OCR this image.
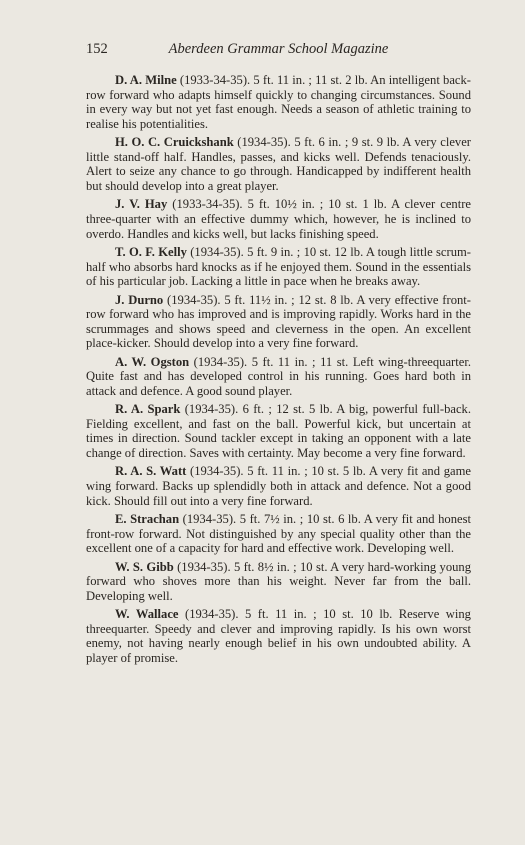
152	Aberdeen Grammar School Magazine

D. A. Milne (1933-34-35). 5 ft. 11 in. ; 11 st. 2 lb. An intelligent back-row forward who adapts himself quickly to changing circumstances. Sound in every way but not yet fast enough. Needs a season of athletic training to realise his potentialities.

H. O. C. Cruickshank (1934-35). 5 ft. 6 in. ; 9 st. 9 lb. A very clever little stand-off half. Handles, passes, and kicks well. Defends tenaciously. Alert to seize any chance to go through. Handicapped by indifferent health but should develop into a great player.

J. V. Hay (1933-34-35). 5 ft. 10½ in. ; 10 st. 1 lb. A clever centre three-quarter with an effective dummy which, however, he is inclined to overdo. Handles and kicks well, but lacks finishing speed.

T. O. F. Kelly (1934-35). 5 ft. 9 in. ; 10 st. 12 lb. A tough little scrum-half who absorbs hard knocks as if he enjoyed them. Sound in the essentials of his particular job. Lacking a little in pace when he breaks away.

J. Durno (1934-35). 5 ft. 11½ in. ; 12 st. 8 lb. A very effective front-row forward who has improved and is improving rapidly. Works hard in the scrummages and shows speed and cleverness in the open. An excellent place-kicker. Should develop into a very fine forward.

A. W. Ogston (1934-35). 5 ft. 11 in. ; 11 st. Left wing-threequarter. Quite fast and has developed control in his running. Goes hard both in attack and defence. A good sound player.

R. A. Spark (1934-35). 6 ft. ; 12 st. 5 lb. A big, powerful full-back. Fielding excellent, and fast on the ball. Powerful kick, but uncertain at times in direction. Sound tackler except in taking an opponent with a late change of direction. Saves with certainty. May become a very fine forward.

R. A. S. Watt (1934-35). 5 ft. 11 in. ; 10 st. 5 lb. A very fit and game wing forward. Backs up splendidly both in attack and defence. Not a good kick. Should fill out into a very fine forward.

E. Strachan (1934-35). 5 ft. 7½ in. ; 10 st. 6 lb. A very fit and honest front-row forward. Not distinguished by any special quality other than the excellent one of a capacity for hard and effective work. Developing well.

W. S. Gibb (1934-35). 5 ft. 8½ in. ; 10 st. A very hard-working young forward who shoves more than his weight. Never far from the ball. Developing well.

W. Wallace (1934-35). 5 ft. 11 in. ; 10 st. 10 lb. Reserve wing threequarter. Speedy and clever and improving rapidly. Is his own worst enemy, not having nearly enough belief in his own undoubted ability. A player of promise.
